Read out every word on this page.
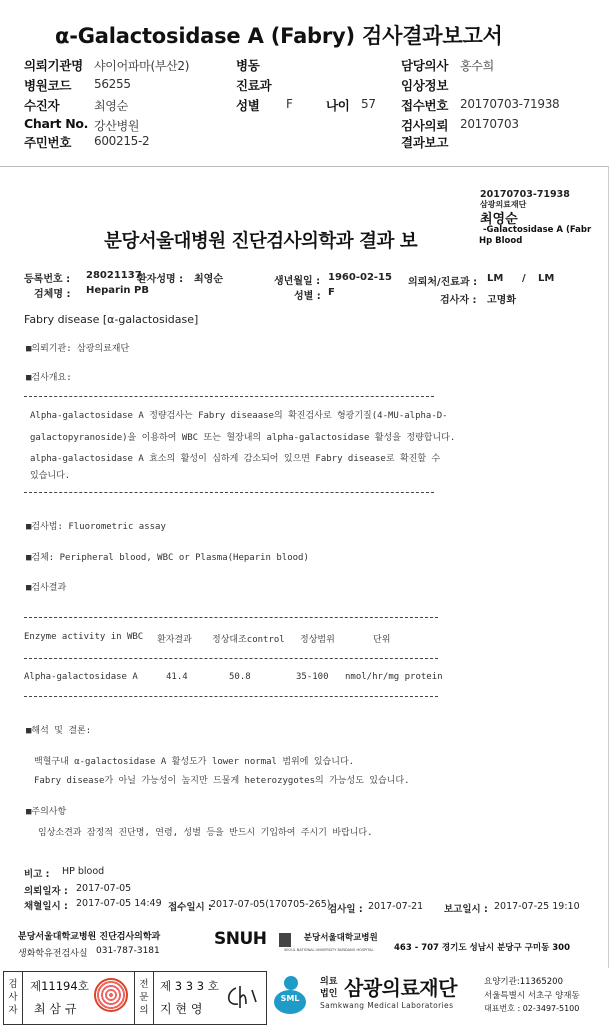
α-Galactosidase A (Fabry) 검사결과보고서
의뢰기관명 샤이어파마(부산2)	병동	담당의사 홍수희
병원코드 56255	진료과	임상정보
수진자	최영순	성별 F	나이 57 접수번호 20170703-71938
Chart No. 강산병원	검사의뢰 20170703
주민번호 600215-2	결과보고
20170703-71938
삼광의료재단
최영순
-Galactosidase A (Fabr
Hp Blood
분당서울대병원 진단검사의학과 결과 보
등록번호 : 28021137
환자성명 : 최영순	생년월일 : 1960-02-15 의뢰처/진료과 : LM / LM
검체명 : Heparin PB
성별 : F
검사자 : 고명화
Fabry disease [α-galactosidase]
■의뢰기관: 삼광의료재단
■검사개요:
Alpha-galactosidase A 정량검사는 Fabry diseaase의 확진검사로 형광기질(4-MU-alpha-D-
galactopyranoside)을 이용하여 WBC 또는 혈장내의 alpha-galactosidase 활성을 정량합니다.
alpha-galactosidase A 효소의 활성이 심하게 감소되어 있으면 Fabry disease로 확진할 수
있습니다.
■검사법: Fluorometric assay
■검체: Peripheral blood, WBC or Plasma(Heparin blood)
■검사결과
Enzyme activity in WBC 환자결과 정상대조control 정상범위	단위
Alpha-galactosidase A	41.4	50.8	35-100 nmol/hr/mg protein
■해석 및 결론:
백혈구내 α-galactosidase A 활성도가 lower normal 범위에 있습니다.
Fabry disease가 아닐 가능성이 높지만 드물게 heterozygotes의 가능성도 있습니다.
■주의사항
임상소견과 잠정적 진단명, 연령, 성별 등을 반드시 기입하여 주시기 바랍니다.
비고 : HP blood
의뢰일자 : 2017-07-05
채혈일시 : 2017-07-05 14:49 접수일시 :
2017-07-05(170705-265)
검사일 : 2017-07-21 보고일시 : 2017-07-25 19:10
분당서울대학교병원 진단검사의학과
생화학유전검사실 031-787-3181
SNUH	$^{분당서울대학교병원}$
SEOUL NATIONAL UNIVERSITY BUNDANG HOSPITAL 463 - 707 경기도 성남시 분당구 구미동 300
검사자
제11194호
최 삼 규
전문의
제 3 3 3 호
지 현 영
SML
의료법인 삼광의료재단
Samkwang Medical Laboratories
요양기관:11365200
서울특별시 서초구 양재동
대표번호 : 02-3497-5100
